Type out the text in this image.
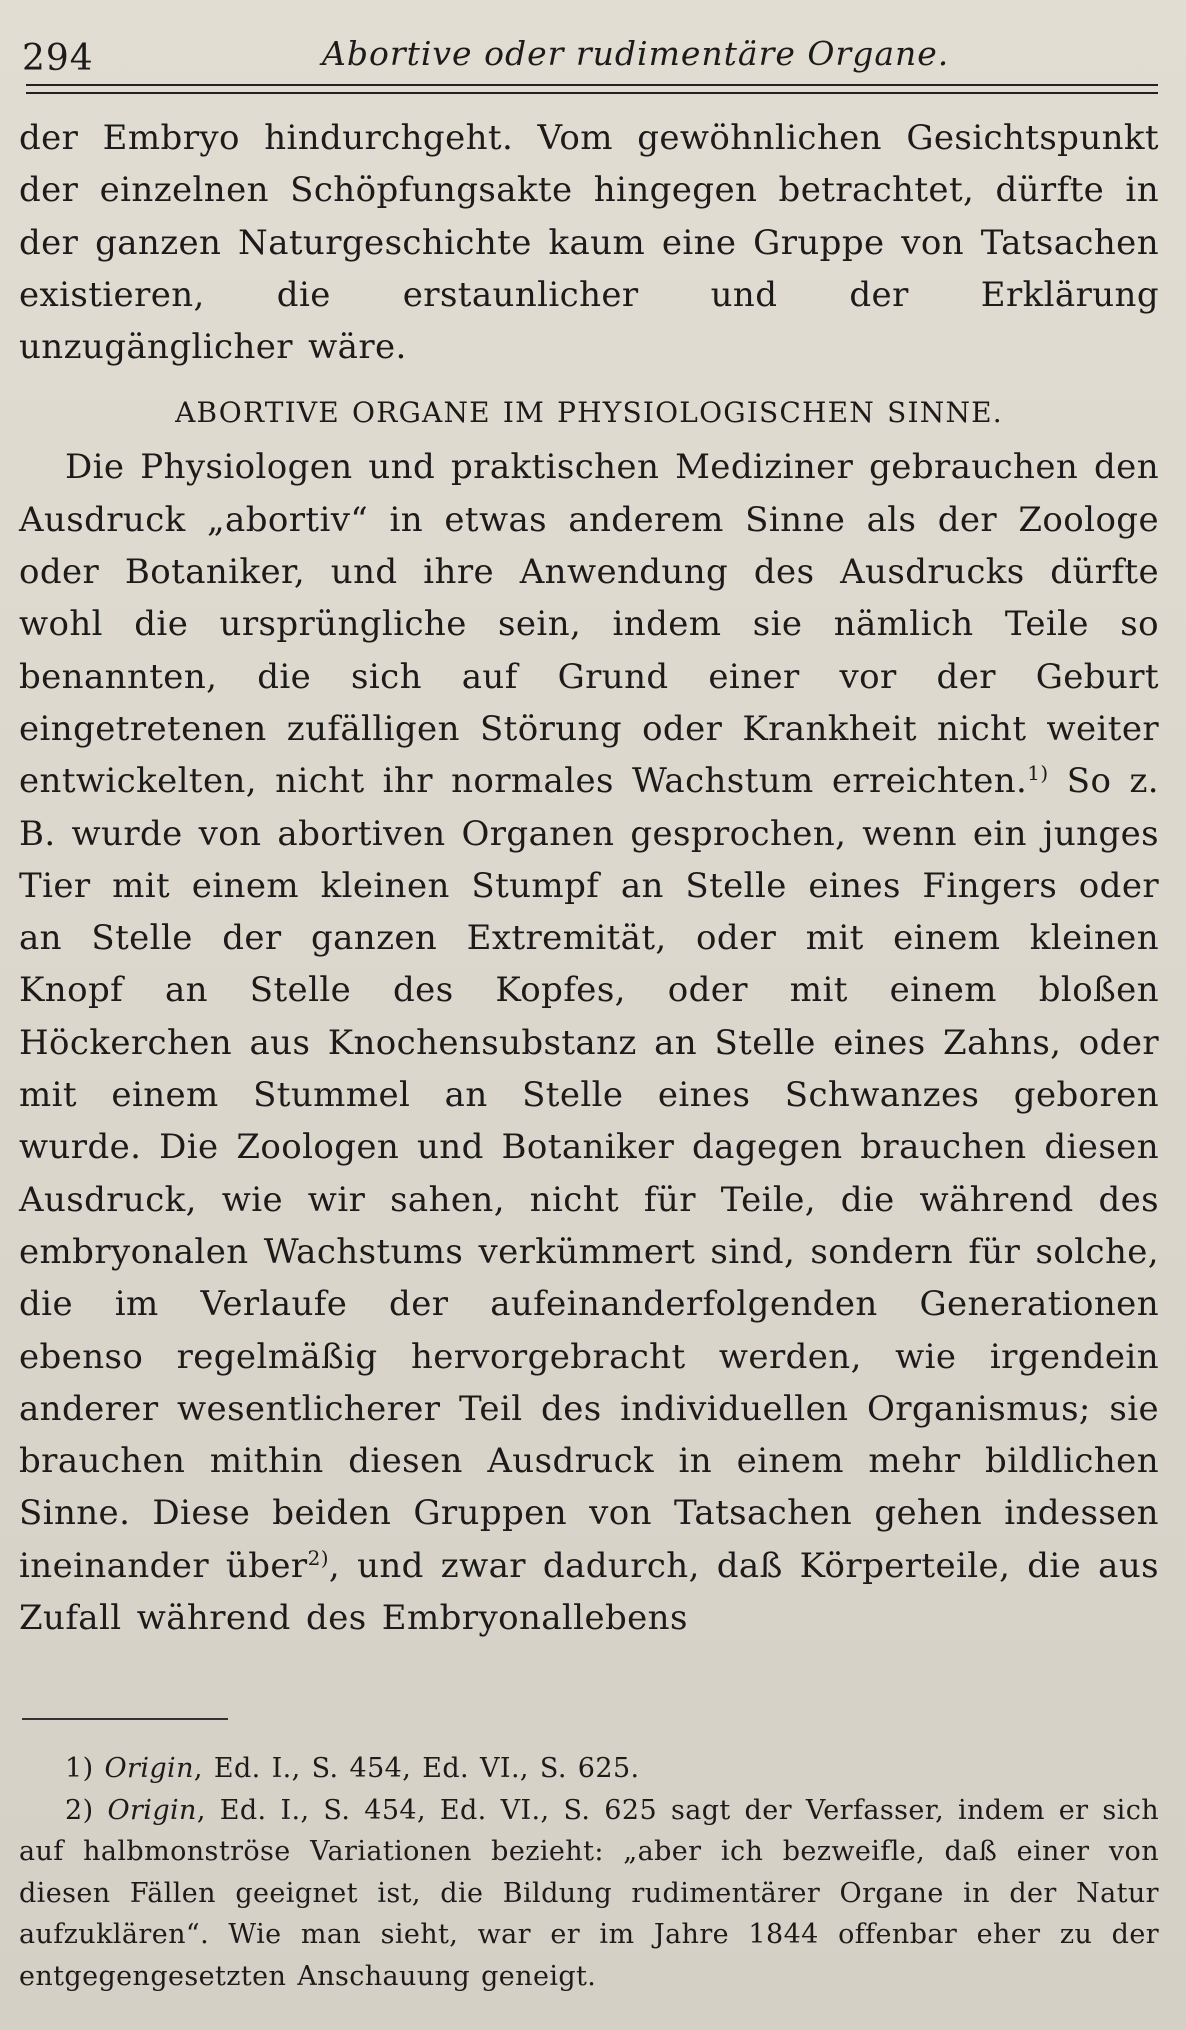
294	Abortive oder rudimentäre Organe.

der Embryo hindurchgeht. Vom gewöhnlichen Gesichtspunkt der einzelnen Schöpfungsakte hingegen betrachtet, dürfte in der ganzen Naturgeschichte kaum eine Gruppe von Tatsachen existieren, die erstaunlicher und der Erklärung unzugänglicher wäre.

ABORTIVE ORGANE IM PHYSIOLOGISCHEN SINNE.

Die Physiologen und praktischen Mediziner gebrauchen den Ausdruck „abortiv“ in etwas anderem Sinne als der Zoologe oder Botaniker, und ihre Anwendung des Ausdrucks dürfte wohl die ursprüngliche sein, indem sie nämlich Teile so benannten, die sich auf Grund einer vor der Geburt eingetretenen zufälligen Störung oder Krankheit nicht weiter entwickelten, nicht ihr normales Wachstum erreichten.$^{1)}$ So z. B. wurde von abortiven Organen gesprochen, wenn ein junges Tier mit einem kleinen Stumpf an Stelle eines Fingers oder an Stelle der ganzen Extremität, oder mit einem kleinen Knopf an Stelle des Kopfes, oder mit einem bloßen Höckerchen aus Knochensubstanz an Stelle eines Zahns, oder mit einem Stummel an Stelle eines Schwanzes geboren wurde. Die Zoologen und Botaniker dagegen brauchen diesen Ausdruck, wie wir sahen, nicht für Teile, die während des embryonalen Wachstums verkümmert sind, sondern für solche, die im Verlaufe der aufeinanderfolgenden Generationen ebenso regelmäßig hervorgebracht werden, wie irgendein anderer wesentlicherer Teil des individuellen Organismus; sie brauchen mithin diesen Ausdruck in einem mehr bildlichen Sinne. Diese beiden Gruppen von Tatsachen gehen indessen ineinander über$^{2)}$, und zwar dadurch, daß Körperteile, die aus Zufall während des Embryonallebens

1) Origin, Ed. I., S. 454, Ed. VI., S. 625.

2) Origin, Ed. I., S. 454, Ed. VI., S. 625 sagt der Verfasser, indem er sich auf halbmonströse Variationen bezieht: „aber ich bezweifle, daß einer von diesen Fällen geeignet ist, die Bildung rudimentärer Organe in der Natur aufzuklären“. Wie man sieht, war er im Jahre 1844 offenbar eher zu der entgegengesetzten Anschauung geneigt.
